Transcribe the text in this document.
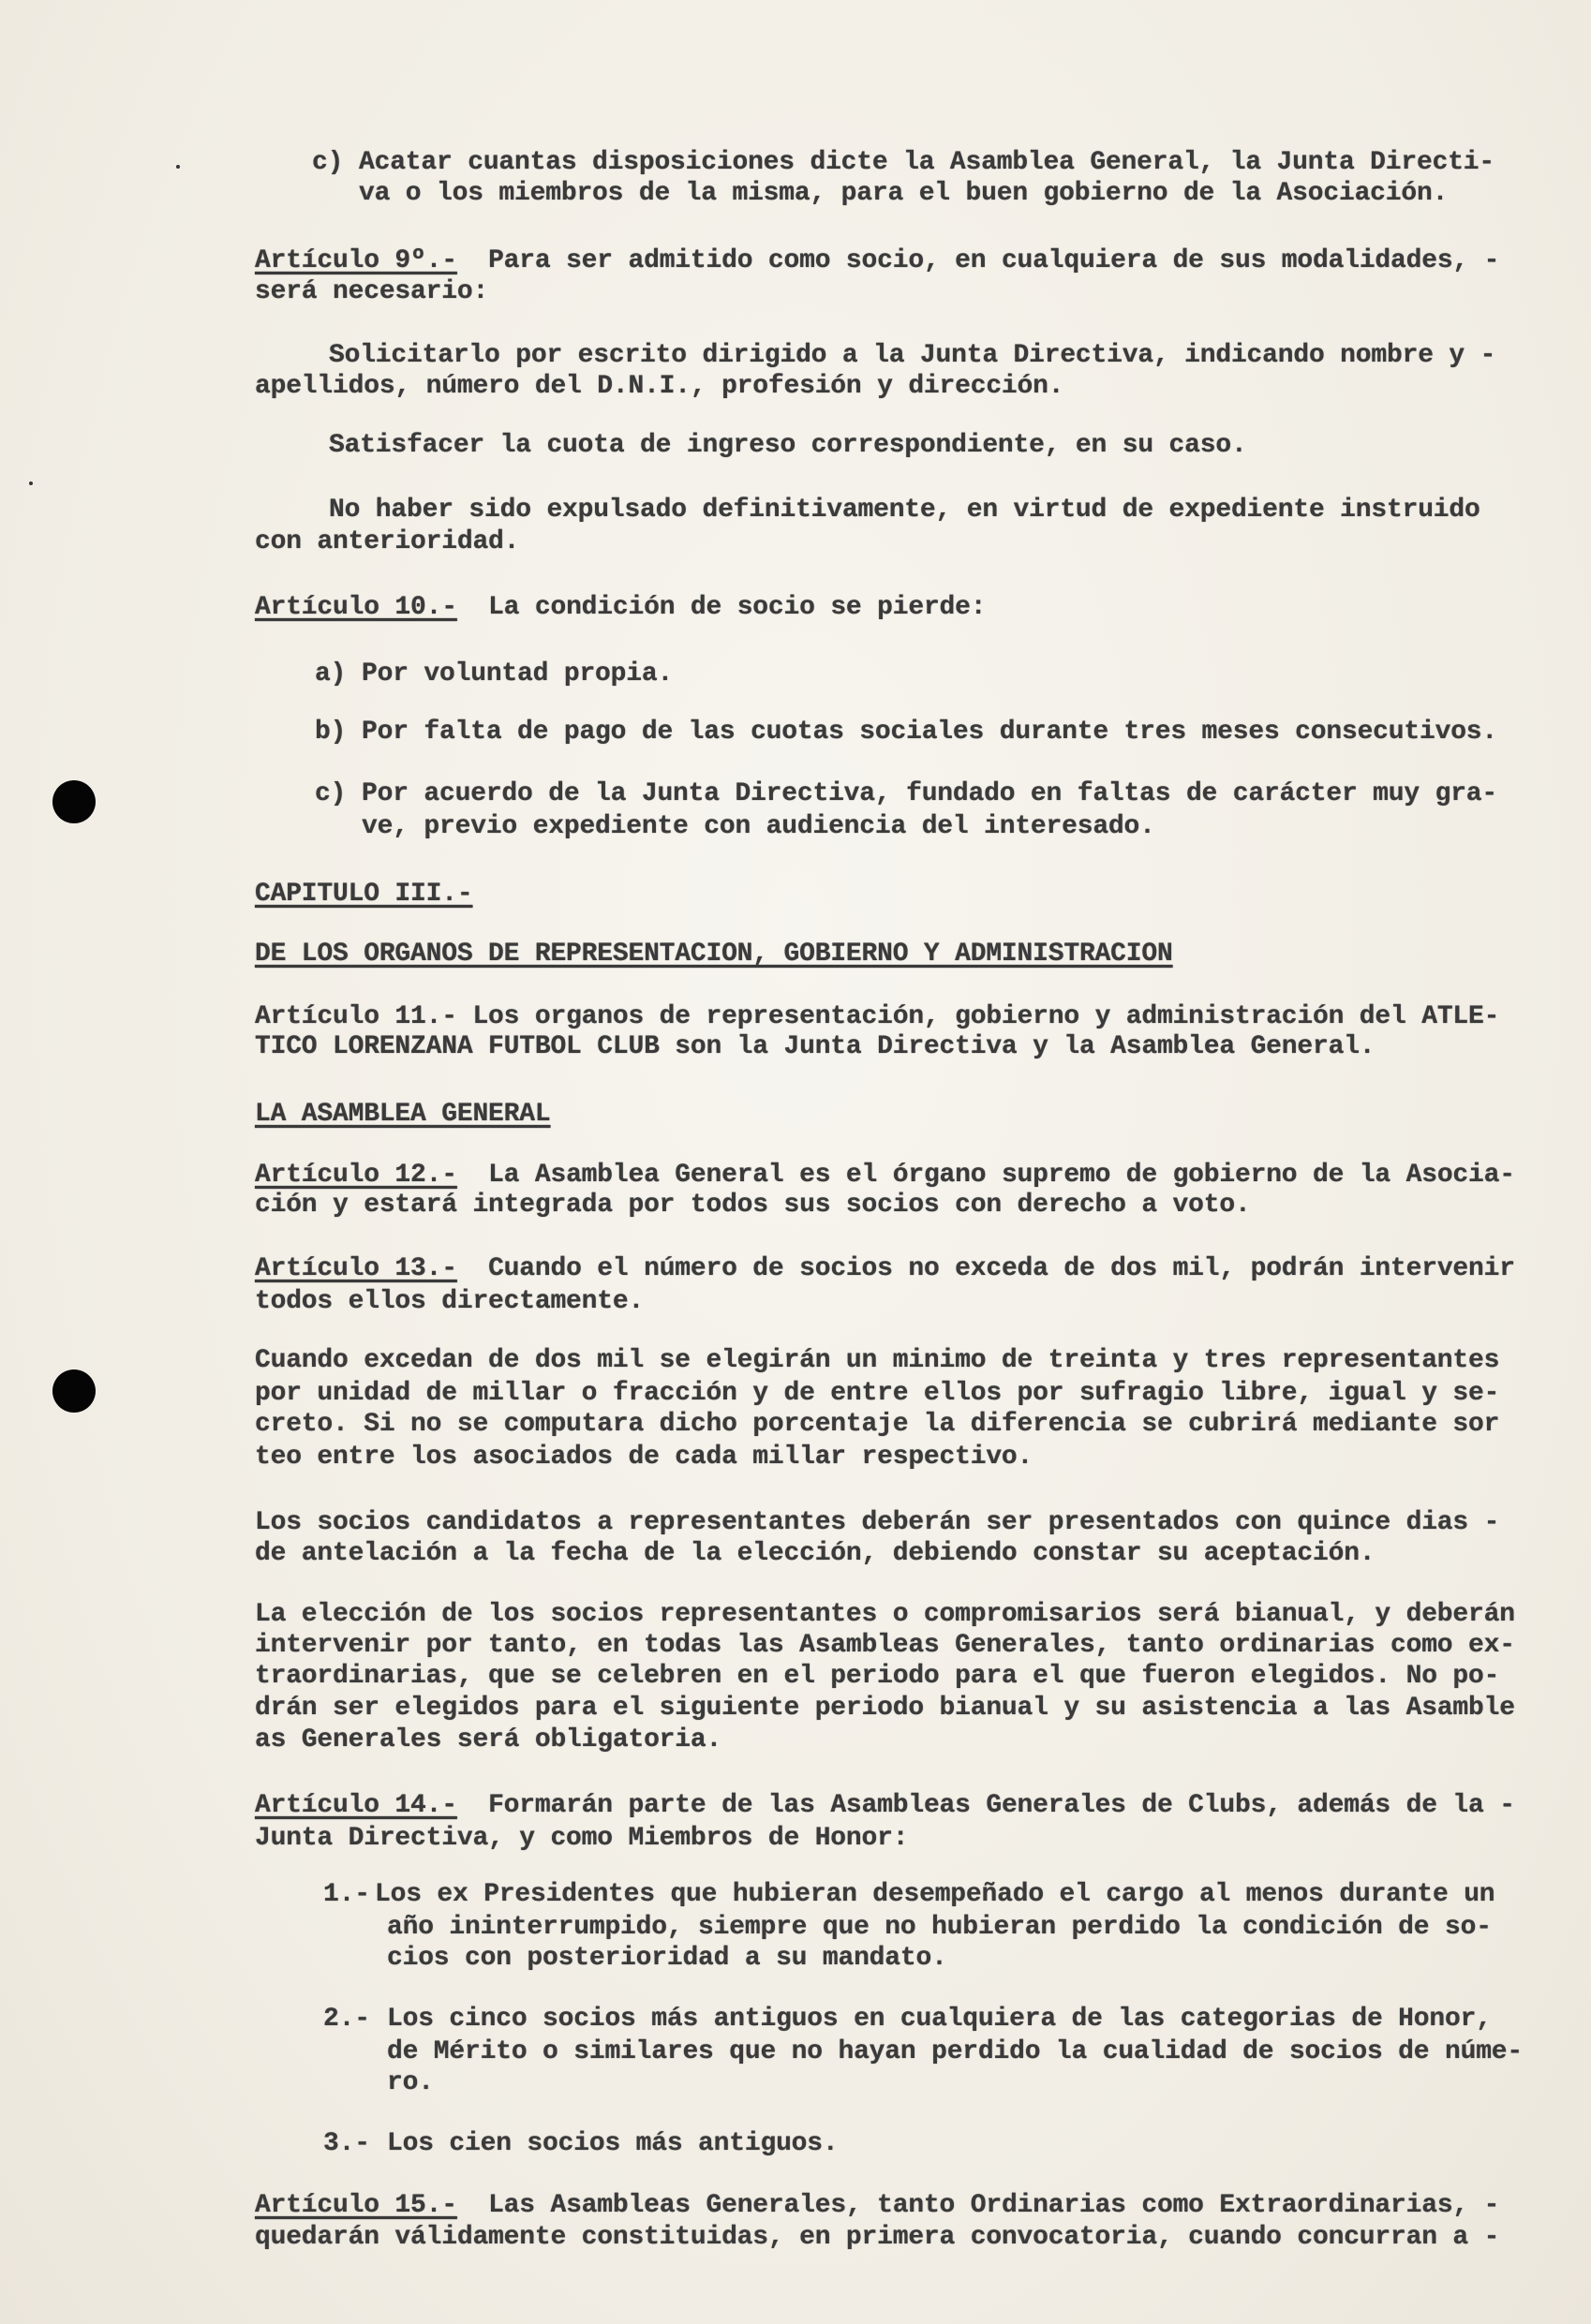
c) Acatar cuantas disposiciones dicte la Asamblea General, la Junta Directi-
va o los miembros de la misma, para el buen gobierno de la Asociación.
Artículo 9º.- Para ser admitido como socio, en cualquiera de sus modalidades, -
será necesario:
Solicitarlo por escrito dirigido a la Junta Directiva, indicando nombre y -
apellidos, número del D.N.I., profesión y dirección.
Satisfacer la cuota de ingreso correspondiente, en su caso.
No haber sido expulsado definitivamente, en virtud de expediente instruido
con anterioridad.
Artículo 10.- La condición de socio se pierde:
a) Por voluntad propia.
b) Por falta de pago de las cuotas sociales durante tres meses consecutivos.
c) Por acuerdo de la Junta Directiva, fundado en faltas de carácter muy gra-
ve, previo expediente con audiencia del interesado.
CAPITULO III.-
DE LOS ORGANOS DE REPRESENTACION, GOBIERNO Y ADMINISTRACION
Artículo 11.- Los organos de representación, gobierno y administración del ATLE-
TICO LORENZANA FUTBOL CLUB son la Junta Directiva y la Asamblea General.
LA ASAMBLEA GENERAL
Artículo 12.- La Asamblea General es el órgano supremo de gobierno de la Asocia-
ción y estará integrada por todos sus socios con derecho a voto.
Artículo 13.- Cuando el número de socios no exceda de dos mil, podrán intervenir
todos ellos directamente.
Cuando excedan de dos mil se elegirán un minimo de treinta y tres representantes
por unidad de millar o fracción y de entre ellos por sufragio libre, igual y se-
creto. Si no se computara dicho porcentaje la diferencia se cubrirá mediante sor
teo entre los asociados de cada millar respectivo.
Los socios candidatos a representantes deberán ser presentados con quince dias -
de antelación a la fecha de la elección, debiendo constar su aceptación.
La elección de los socios representantes o compromisarios será bianual, y deberán
intervenir por tanto, en todas las Asambleas Generales, tanto ordinarias como ex-
traordinarias, que se celebren en el periodo para el que fueron elegidos. No po-
drán ser elegidos para el siguiente periodo bianual y su asistencia a las Asamble
as Generales será obligatoria.
Artículo 14.- Formarán parte de las Asambleas Generales de Clubs, además de la -
Junta Directiva, y como Miembros de Honor:
1.- Los ex Presidentes que hubieran desempeñado el cargo al menos durante un
año ininterrumpido, siempre que no hubieran perdido la condición de so-
cios con posterioridad a su mandato.
2.- Los cinco socios más antiguos en cualquiera de las categorias de Honor,
de Mérito o similares que no hayan perdido la cualidad de socios de núme-
ro.
3.- Los cien socios más antiguos.
Artículo 15.- Las Asambleas Generales, tanto Ordinarias como Extraordinarias, -
quedarán válidamente constituidas, en primera convocatoria, cuando concurran a -
